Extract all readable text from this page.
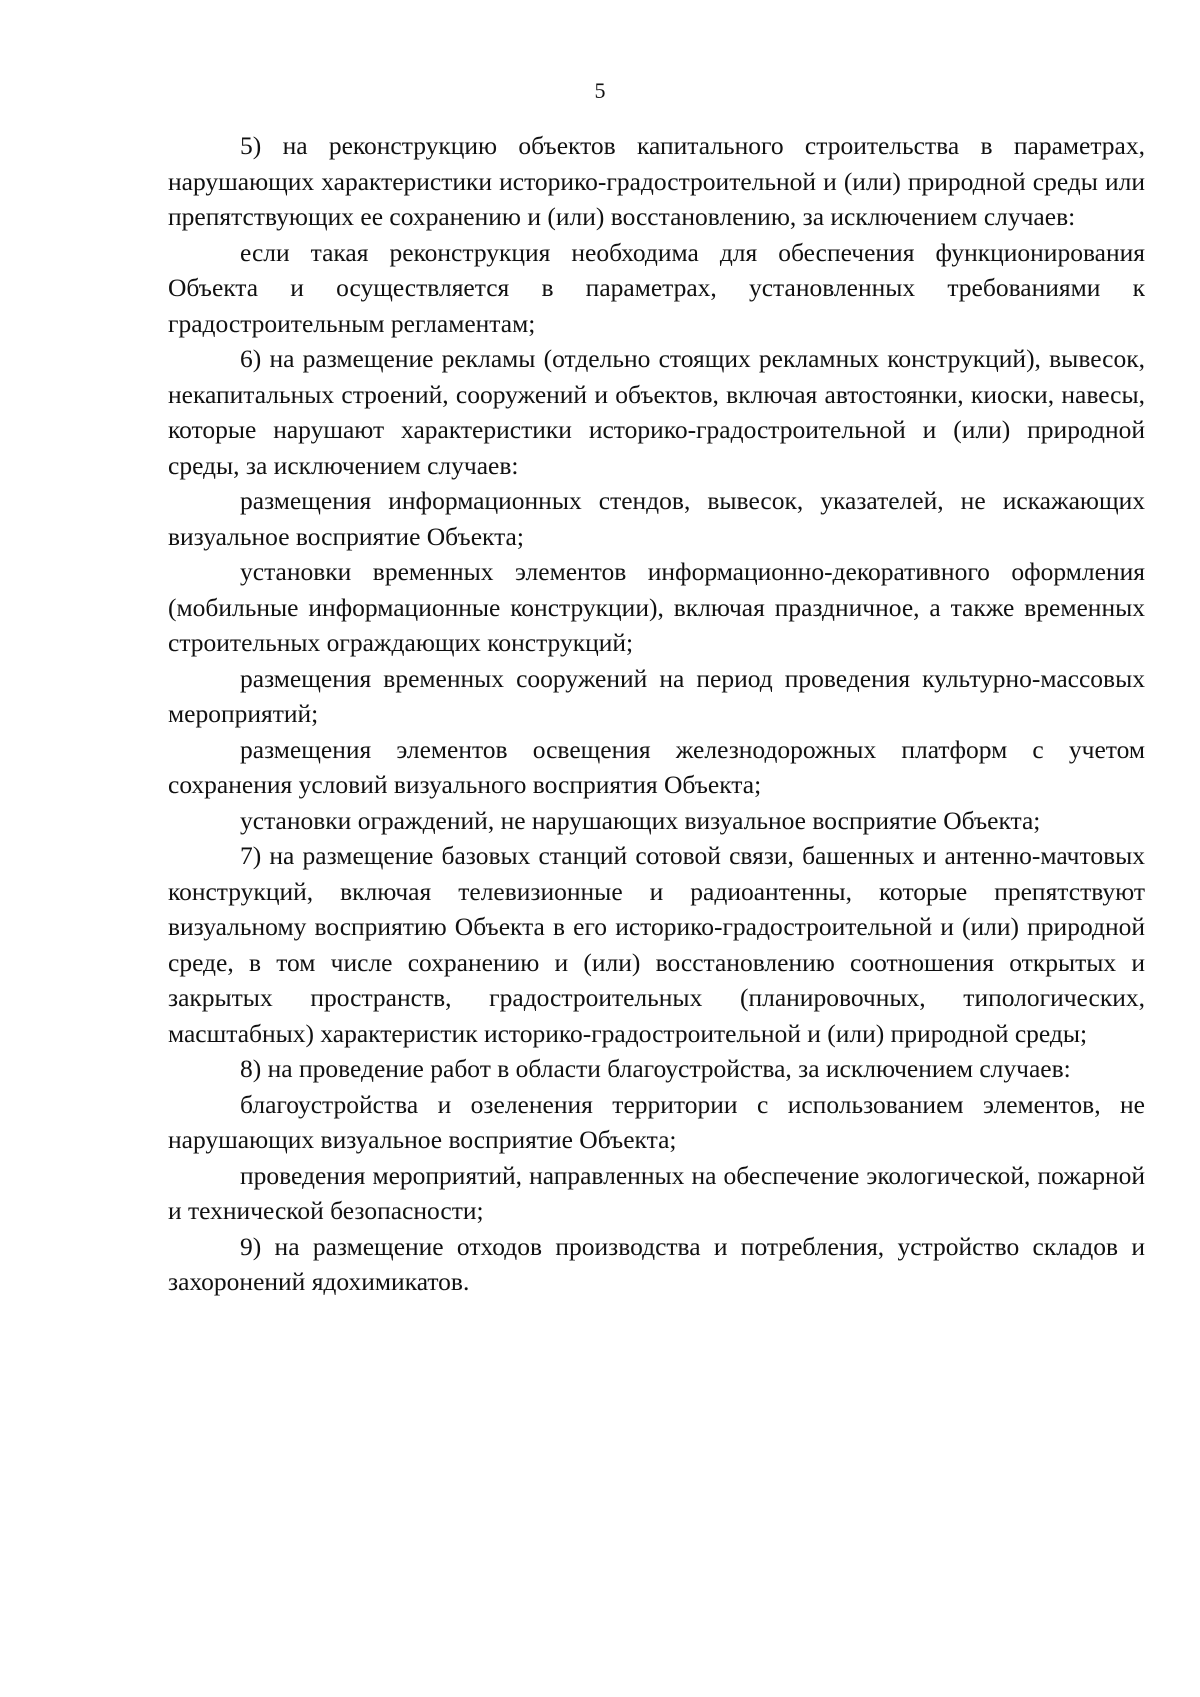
5

5) на реконструкцию объектов капитального строительства в параметрах, нарушающих характеристики историко-градостроительной и (или) природной среды или препятствующих ее сохранению и (или) восстановлению, за исключением случаев:

если такая реконструкция необходима для обеспечения функционирования Объекта и осуществляется в параметрах, установленных требованиями к градостроительным регламентам;

6) на размещение рекламы (отдельно стоящих рекламных конструкций), вывесок, некапитальных строений, сооружений и объектов, включая автостоянки, киоски, навесы, которые нарушают характеристики историко-градостроительной и (или) природной среды, за исключением случаев:

размещения информационных стендов, вывесок, указателей, не искажающих визуальное восприятие Объекта;

установки временных элементов информационно-декоративного оформления (мобильные информационные конструкции), включая праздничное, а также временных строительных ограждающих конструкций;

размещения временных сооружений на период проведения культурно-массовых мероприятий;

размещения элементов освещения железнодорожных платформ с учетом сохранения условий визуального восприятия Объекта;

установки ограждений, не нарушающих визуальное восприятие Объекта;

7) на размещение базовых станций сотовой связи, башенных и антенно-мачтовых конструкций, включая телевизионные и радиоантенны, которые препятствуют визуальному восприятию Объекта в его историко-градостроительной и (или) природной среде, в том числе сохранению и (или) восстановлению соотношения открытых и закрытых пространств, градостроительных (планировочных, типологических, масштабных) характеристик историко-градостроительной и (или) природной среды;

8) на проведение работ в области благоустройства, за исключением случаев:

благоустройства и озеленения территории с использованием элементов, не нарушающих визуальное восприятие Объекта;

проведения мероприятий, направленных на обеспечение экологической, пожарной и технической безопасности;

9) на размещение отходов производства и потребления, устройство складов и захоронений ядохимикатов.
